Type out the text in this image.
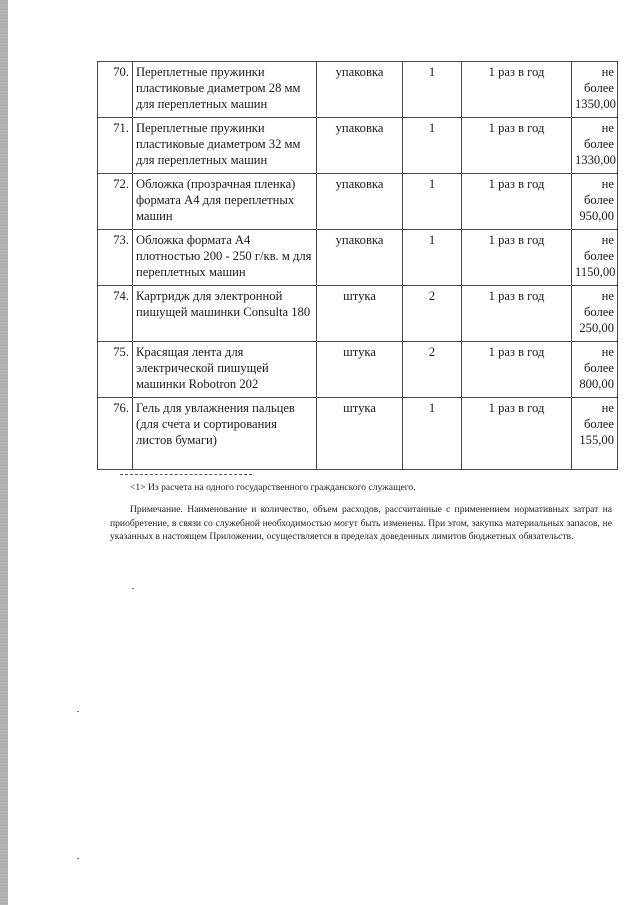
70.	Переплетные пружинки пластиковые диаметром 28 мм для переплетных машин	упаковка	1	1 раз в год	не более 1350,00
71.	Переплетные пружинки пластиковые диаметром 32 мм для переплетных машин	упаковка	1	1 раз в год	не более 1330,00
72.	Обложка (прозрачная пленка) формата А4 для переплетных машин	упаковка	1	1 раз в год	не более 950,00
73.	Обложка формата А4 плотностью 200 - 250 г/кв. м для переплетных машин	упаковка	1	1 раз в год	не более 1150,00
74.	Картридж для электронной пишущей машинки Consulta 180	штука	2	1 раз в год	не более 250,00
75.	Красящая лента для электрической пишущей машинки Robotron 202	штука	2	1 раз в год	не более 800,00
76.	Гель для увлажнения пальцев (для счета и сортирования листов бумаги)	штука	1	1 раз в год	не более 155,00
<1> Из расчета на одного государственного гражданского служащего.
Примечание. Наименование и количество, объем расходов, рассчитанные с применением нормативных затрат на приобретение, в связи со служебной необходимостью могут быть изменены. При этом, закупка материальных запасов, не указанных в настоящем Приложении, осуществляется в пределах доведенных лимитов бюджетных обязательств.
